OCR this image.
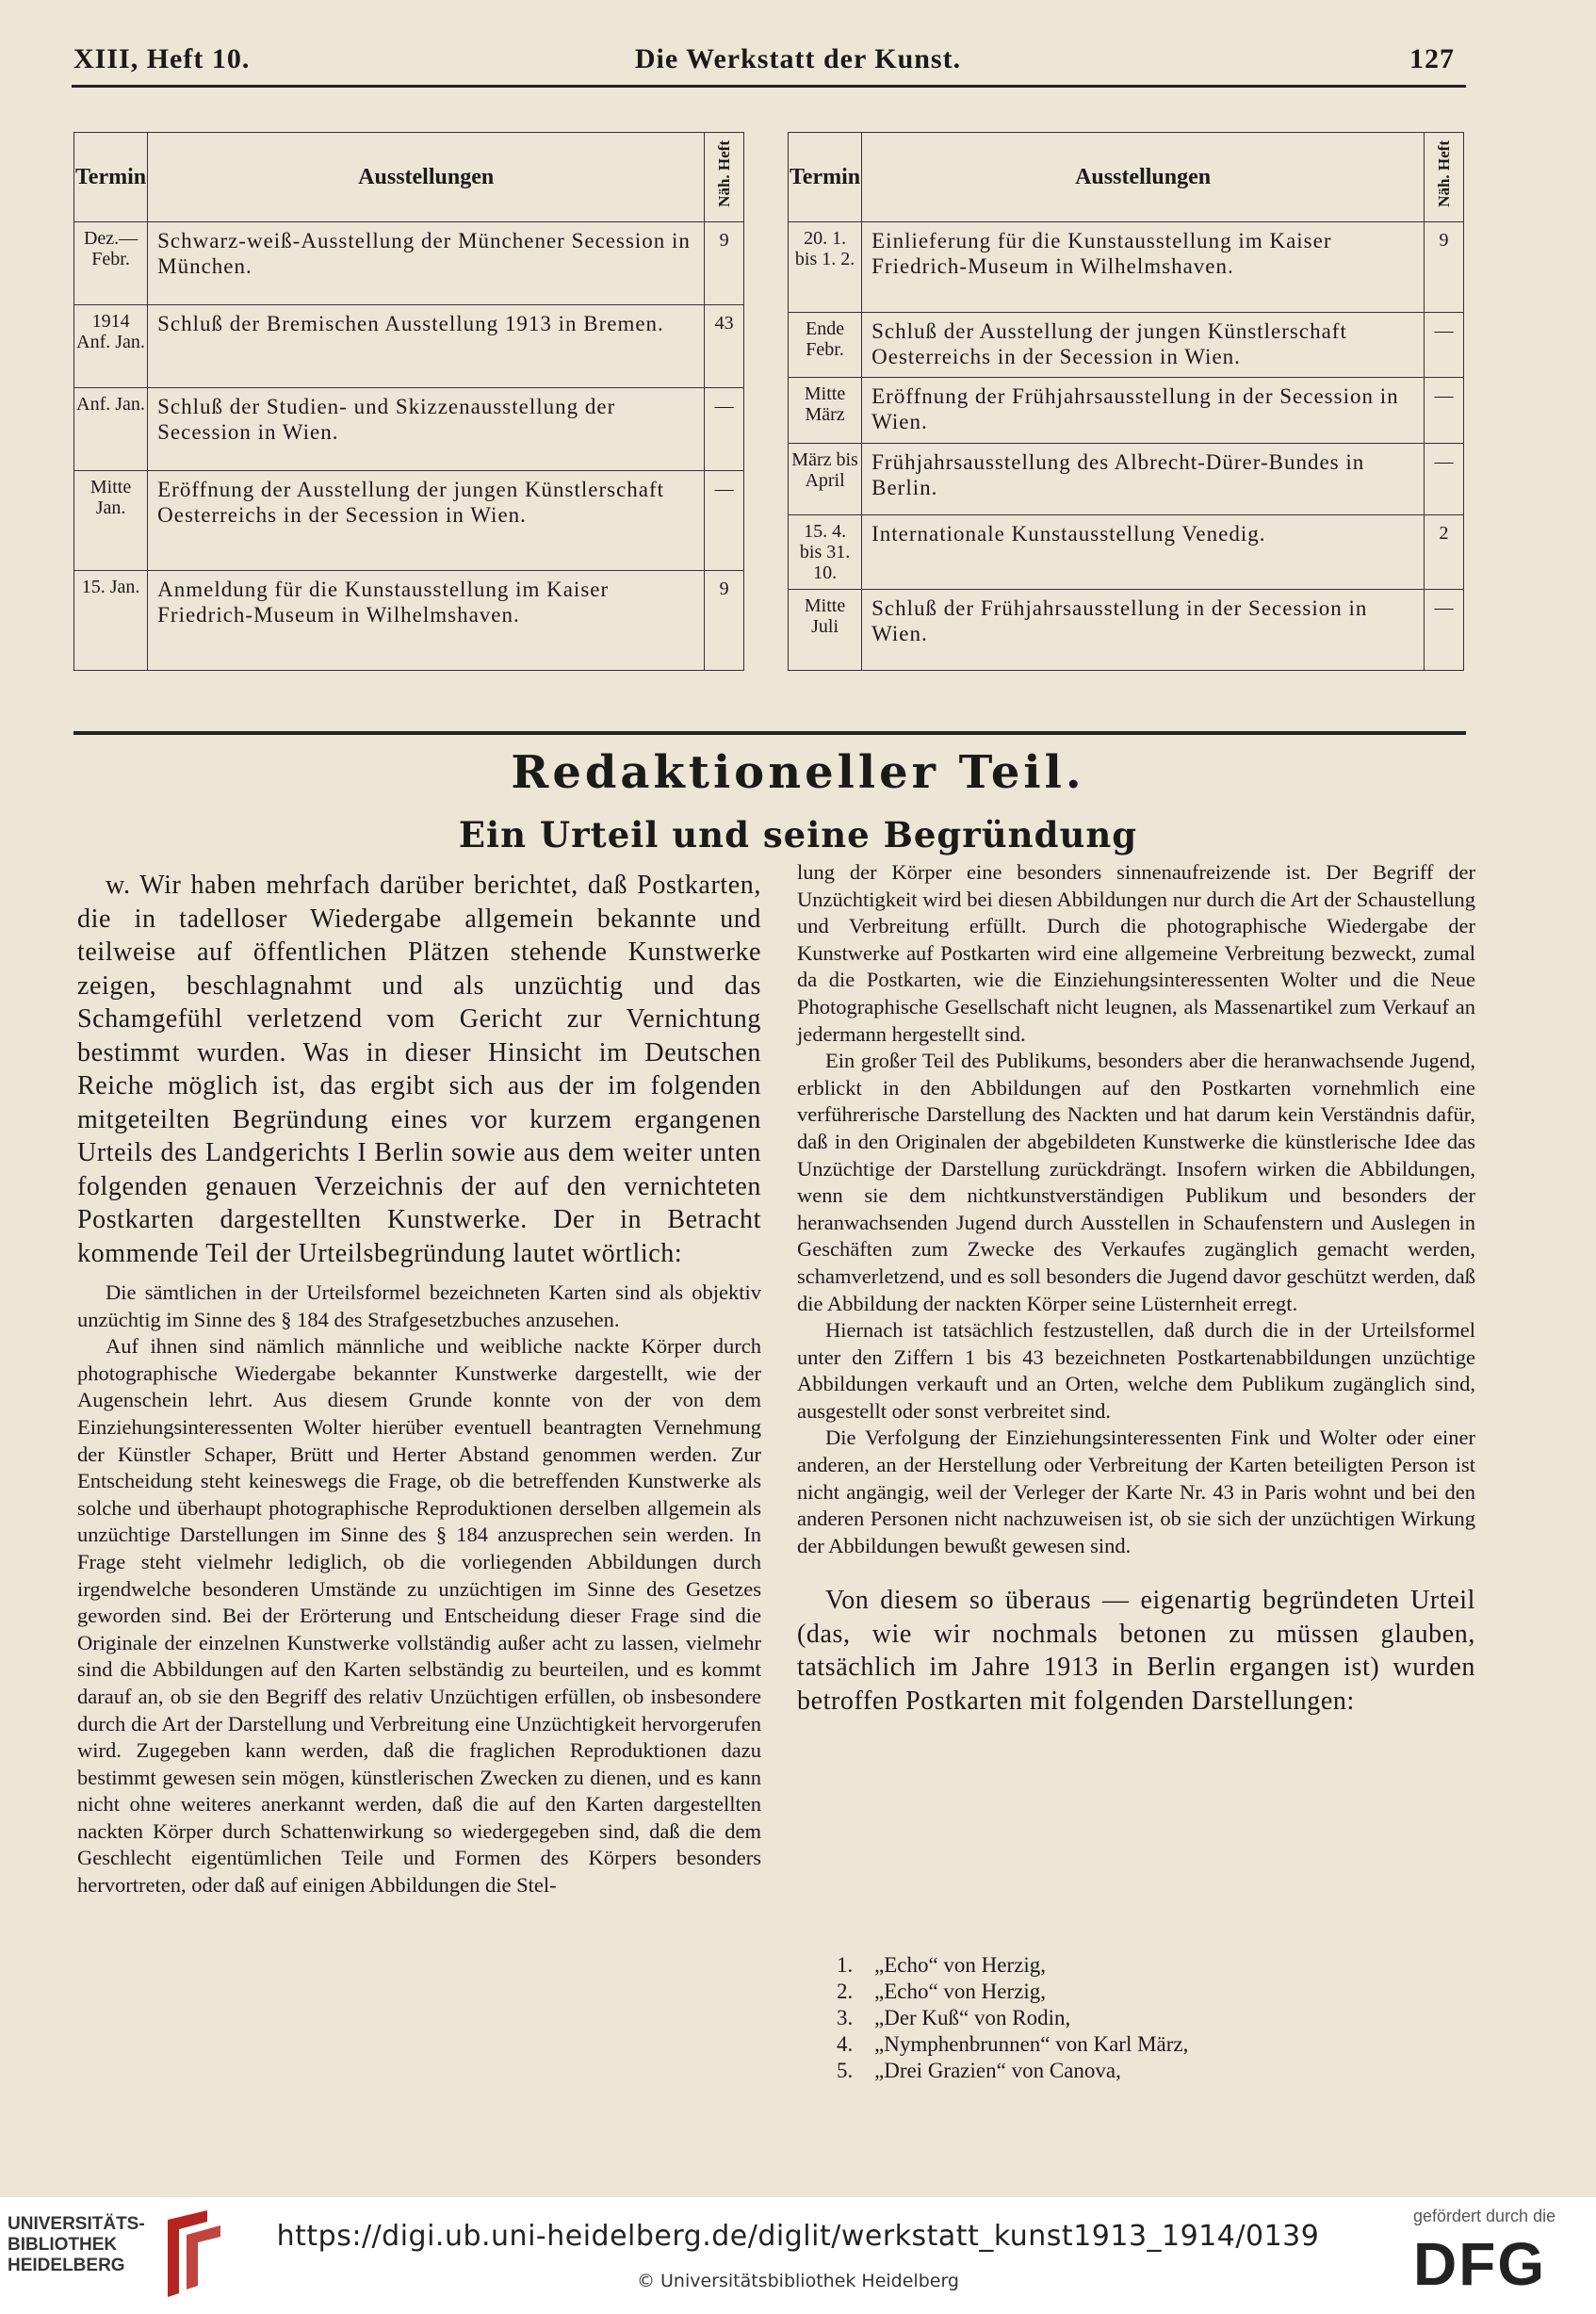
XIII, Heft 10.	Die Werkstatt der Kunst.	127
Termin	Ausstellungen	Näh. Heft
Dez.— Febr.	Schwarz-weiß-Ausstellung der Münchener Secession in München.	9
1914 Anf. Jan.	Schluß der Bremischen Ausstellung 1913 in Bremen.	43
Anf. Jan.	Schluß der Studien- und Skizzenausstellung der Secession in Wien.	—
Mitte Jan.	Eröffnung der Ausstellung der jungen Künstlerschaft Oesterreichs in der Secession in Wien.	—
15. Jan.	Anmeldung für die Kunstausstellung im Kaiser Friedrich-Museum in Wilhelmshaven.	9
Termin	Ausstellungen	Näh. Heft
20. 1. bis 1. 2.	Einlieferung für die Kunstausstellung im Kaiser Friedrich-Museum in Wilhelmshaven.	9
Ende Febr.	Schluß der Ausstellung der jungen Künstlerschaft Oesterreichs in der Secession in Wien.	—
Mitte März	Eröffnung der Frühjahrsausstellung in der Secession in Wien.	—
März bis April	Frühjahrsausstellung des Albrecht-Dürer-Bundes in Berlin.	—
15. 4. bis 31. 10.	Internationale Kunstausstellung Venedig.	2
Mitte Juli	Schluß der Frühjahrsausstellung in der Secession in Wien.	—
Redaktioneller Teil.
Ein Urteil und seine Begründung

w. Wir haben mehrfach darüber berichtet, daß Postkarten, die in tadelloser Wiedergabe allgemein bekannte und teilweise auf öffentlichen Plätzen stehende Kunstwerke zeigen, beschlagnahmt und als unzüchtig und das Schamgefühl verletzend vom Gericht zur Vernichtung bestimmt wurden. Was in dieser Hinsicht im Deutschen Reiche möglich ist, das ergibt sich aus der im folgenden mitgeteilten Begründung eines vor kurzem ergangenen Urteils des Landgerichts I Berlin sowie aus dem weiter unten folgenden genauen Verzeichnis der auf den vernichteten Postkarten dargestellten Kunstwerke. Der in Betracht kommende Teil der Urteilsbegründung lautet wörtlich:

Die sämtlichen in der Urteilsformel bezeichneten Karten sind als objektiv unzüchtig im Sinne des § 184 des Strafgesetzbuches anzusehen.

Auf ihnen sind nämlich männliche und weibliche nackte Körper durch photographische Wiedergabe bekannter Kunstwerke dargestellt, wie der Augenschein lehrt. Aus diesem Grunde konnte von der von dem Einziehungsinteressenten Wolter hierüber eventuell beantragten Vernehmung der Künstler Schaper, Brütt und Herter Abstand genommen werden. Zur Entscheidung steht keineswegs die Frage, ob die betreffenden Kunstwerke als solche und überhaupt photographische Reproduktionen derselben allgemein als unzüchtige Darstellungen im Sinne des § 184 anzusprechen sein werden. In Frage steht vielmehr lediglich, ob die vorliegenden Abbildungen durch irgendwelche besonderen Umstände zu unzüchtigen im Sinne des Gesetzes geworden sind. Bei der Erörterung und Entscheidung dieser Frage sind die Originale der einzelnen Kunstwerke vollständig außer acht zu lassen, vielmehr sind die Abbildungen auf den Karten selbständig zu beurteilen, und es kommt darauf an, ob sie den Begriff des relativ Unzüchtigen erfüllen, ob insbesondere durch die Art der Darstellung und Verbreitung eine Unzüchtigkeit hervorgerufen wird. Zugegeben kann werden, daß die fraglichen Reproduktionen dazu bestimmt gewesen sein mögen, künstlerischen Zwecken zu dienen, und es kann nicht ohne weiteres anerkannt werden, daß die auf den Karten dargestellten nackten Körper durch Schattenwirkung so wiedergegeben sind, daß die dem Geschlecht eigentümlichen Teile und Formen des Körpers besonders hervortreten, oder daß auf einigen Abbildungen die Stel-

lung der Körper eine besonders sinnenaufreizende ist. Der Begriff der Unzüchtigkeit wird bei diesen Abbildungen nur durch die Art der Schaustellung und Verbreitung erfüllt. Durch die photographische Wiedergabe der Kunstwerke auf Postkarten wird eine allgemeine Verbreitung bezweckt, zumal da die Postkarten, wie die Einziehungsinteressenten Wolter und die Neue Photographische Gesellschaft nicht leugnen, als Massenartikel zum Verkauf an jedermann hergestellt sind.

Ein großer Teil des Publikums, besonders aber die heranwachsende Jugend, erblickt in den Abbildungen auf den Postkarten vornehmlich eine verführerische Darstellung des Nackten und hat darum kein Verständnis dafür, daß in den Originalen der abgebildeten Kunstwerke die künstlerische Idee das Unzüchtige der Darstellung zurückdrängt. Insofern wirken die Abbildungen, wenn sie dem nichtkunstverständigen Publikum und besonders der heranwachsenden Jugend durch Ausstellen in Schaufenstern und Auslegen in Geschäften zum Zwecke des Verkaufes zugänglich gemacht werden, schamverletzend, und es soll besonders die Jugend davor geschützt werden, daß die Abbildung der nackten Körper seine Lüsternheit erregt.

Hiernach ist tatsächlich festzustellen, daß durch die in der Urteilsformel unter den Ziffern 1 bis 43 bezeichneten Postkartenabbildungen unzüchtige Abbildungen verkauft und an Orten, welche dem Publikum zugänglich sind, ausgestellt oder sonst verbreitet sind.

Die Verfolgung der Einziehungsinteressenten Fink und Wolter oder einer anderen, an der Herstellung oder Verbreitung der Karten beteiligten Person ist nicht angängig, weil der Verleger der Karte Nr. 43 in Paris wohnt und bei den anderen Personen nicht nachzuweisen ist, ob sie sich der unzüchtigen Wirkung der Abbildungen bewußt gewesen sind.

Von diesem so überaus — eigenartig begründeten Urteil (das, wie wir nochmals betonen zu müssen glauben, tatsächlich im Jahre 1913 in Berlin ergangen ist) wurden betroffen Postkarten mit folgenden Darstellungen:

1. „Echo“ von Herzig,
2. „Echo“ von Herzig,
3. „Der Kuß“ von Rodin,
4. „Nymphenbrunnen“ von Karl März,
5. „Drei Grazien“ von Canova,
UNIVERSITÄTS-
BIBLIOTHEK
HEIDELBERG
https://digi.ub.uni-heidelberg.de/diglit/werkstatt_kunst1913_1914/0139
© Universitätsbibliothek Heidelberg
gefördert durch die
DFG
